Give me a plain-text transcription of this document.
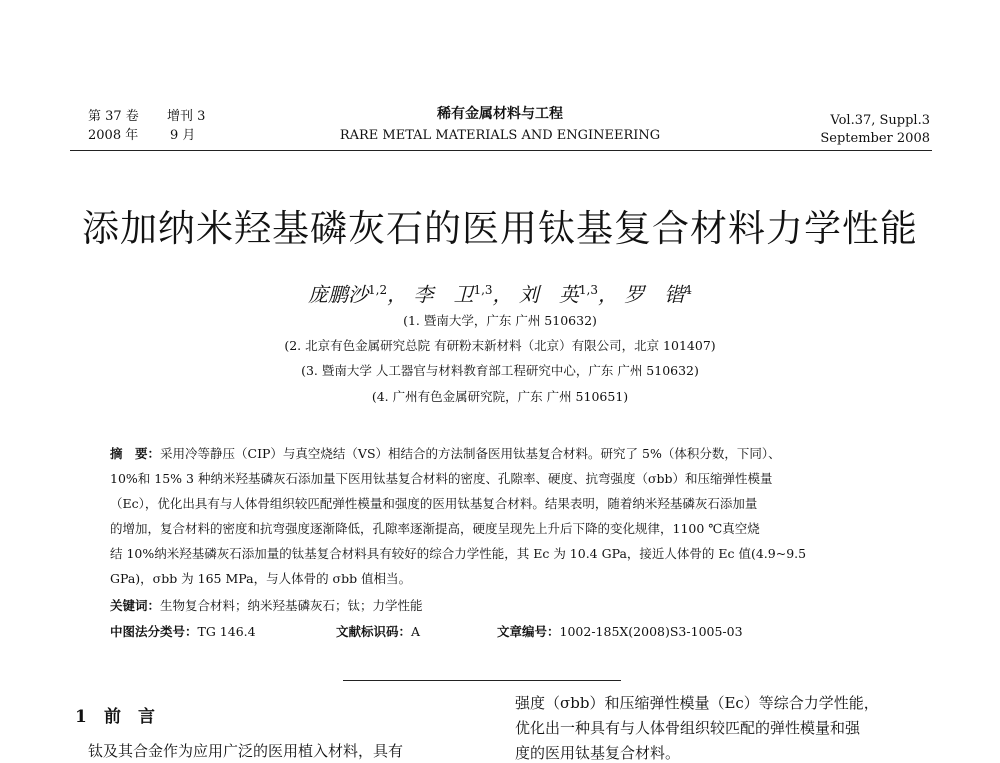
第 37 卷 增刊 3
2008 年 9 月
稀有金属材料与工程
RARE METAL MATERIALS AND ENGINEERING
Vol.37, Suppl.3
September 2008
添加纳米羟基磷灰石的医用钛基复合材料力学性能
庞鹏沙$^{1,2}$， 李　卫$^{1,3}$， 刘　英$^{1,3}$， 罗　锴$^4$
(1. 暨南大学，广东 广州 510632)
(2. 北京有色金属研究总院 有研粉末新材料（北京）有限公司，北京 101407)
(3. 暨南大学 人工器官与材料教育部工程研究中心，广东 广州 510632)
(4. 广州有色金属研究院，广东 广州 510651)
摘　要：采用冷等静压（CIP）与真空烧结（VS）相结合的方法制备医用钛基复合材料。研究了 5%（体积分数，下同）、
10%和 15% 3 种纳米羟基磷灰石添加量下医用钛基复合材料的密度、孔隙率、硬度、抗弯强度（σbb）和压缩弹性模量
（Ec），优化出具有与人体骨组织较匹配弹性模量和强度的医用钛基复合材料。结果表明，随着纳米羟基磷灰石添加量
的增加，复合材料的密度和抗弯强度逐渐降低，孔隙率逐渐提高，硬度呈现先上升后下降的变化规律，1100 ℃真空烧
结 10%纳米羟基磷灰石添加量的钛基复合材料具有较好的综合力学性能，其 Ec 为 10.4 GPa，接近人体骨的 Ec 值(4.9~9.5
GPa)，σbb 为 165 MPa，与人体骨的 σbb 值相当。
关键词：生物复合材料；纳米羟基磷灰石；钛；力学性能
中图法分类号：TG 146.4	文献标识码：A	文章编号：1002-185X(2008)S3-1005-03
1 前　言
钛及其合金作为应用广泛的医用植入材料，具有
强度（σbb）和压缩弹性模量（Ec）等综合力学性能，
优化出一种具有与人体骨组织较匹配的弹性模量和强
度的医用钛基复合材料。
